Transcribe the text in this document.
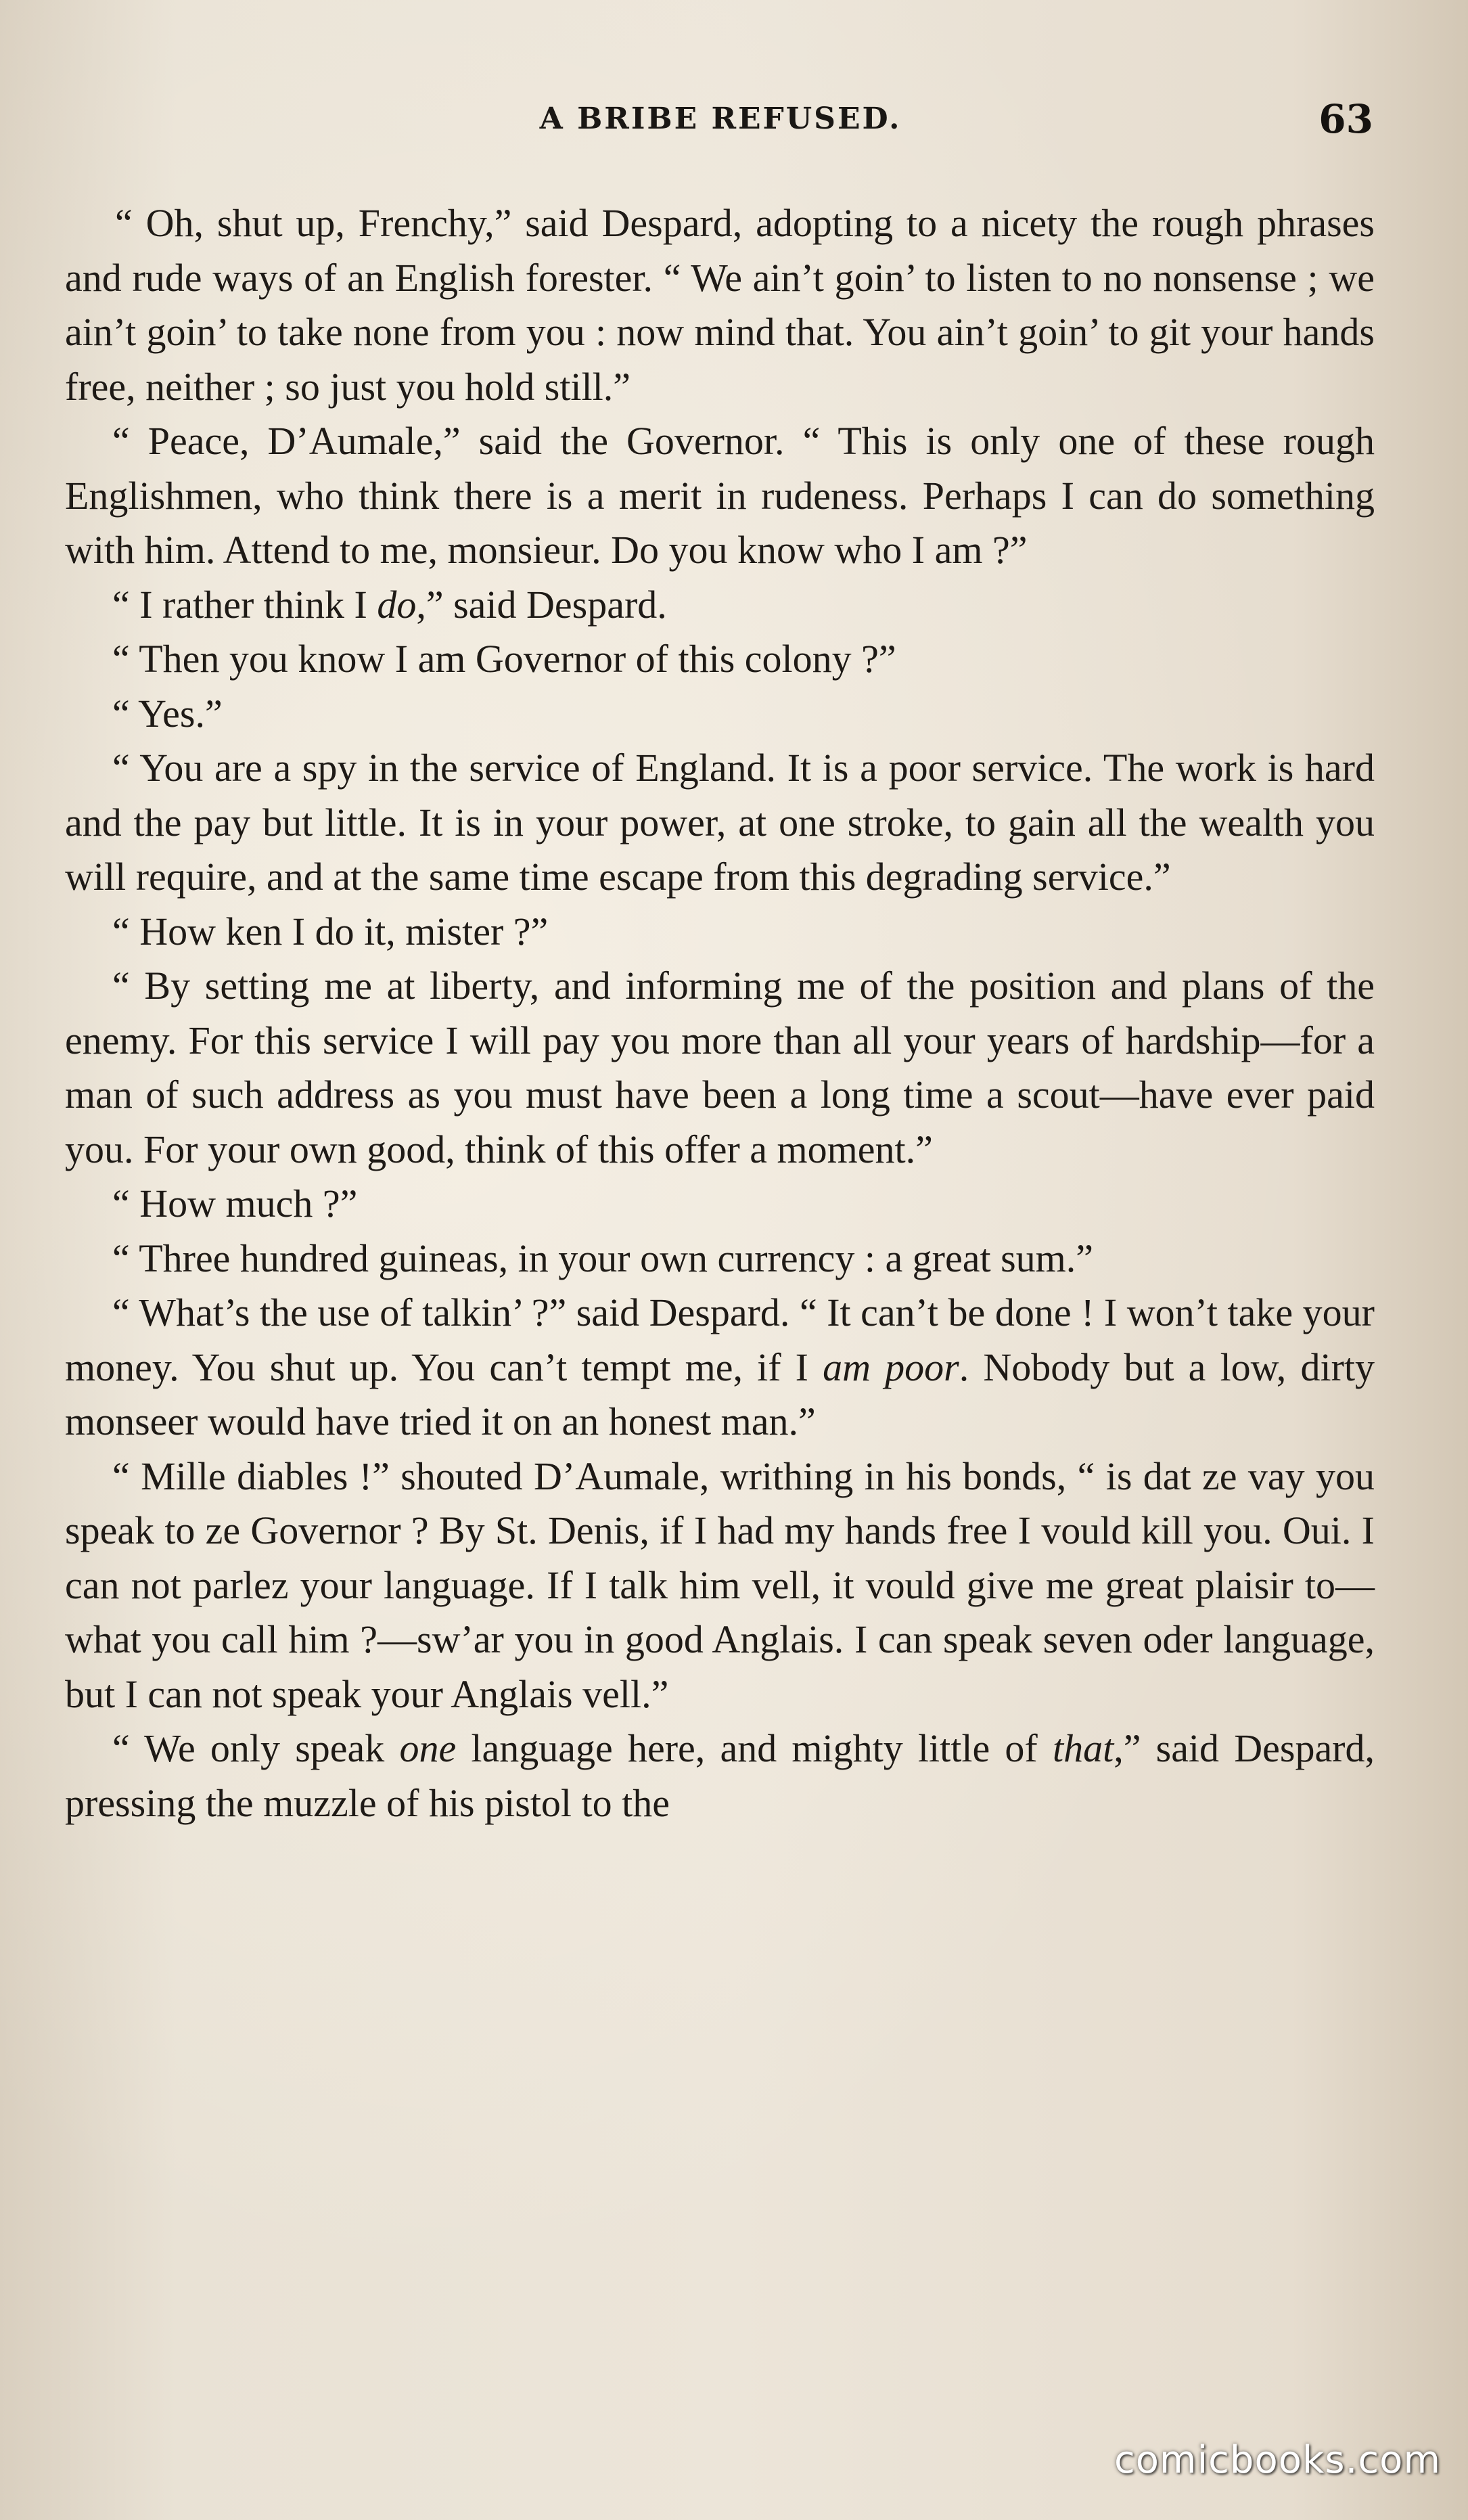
A BRIBE REFUSED.	63

“ Oh, shut up, Frenchy,” said Despard, adopting to a nicety the rough phrases and rude ways of an English forester. “ We ain’t goin’ to listen to no nonsense ; we ain’t goin’ to take none from you : now mind that. You ain’t goin’ to git your hands free, neither ; so just you hold still.”

“ Peace, D’Aumale,” said the Governor. “ This is only one of these rough Englishmen, who think there is a merit in rudeness. Perhaps I can do something with him. Attend to me, monsieur. Do you know who I am ?”

“ I rather think I do,” said Despard.

“ Then you know I am Governor of this colony ?”

“ Yes.”

“ You are a spy in the service of England. It is a poor service. The work is hard and the pay but little. It is in your power, at one stroke, to gain all the wealth you will require, and at the same time escape from this degrading service.”

“ How ken I do it, mister ?”

“ By setting me at liberty, and informing me of the position and plans of the enemy. For this service I will pay you more than all your years of hardship—for a man of such address as you must have been a long time a scout—have ever paid you. For your own good, think of this offer a moment.”

“ How much ?”

“ Three hundred guineas, in your own currency : a great sum.”

“ What’s the use of talkin’ ?” said Despard. “ It can’t be done ! I won’t take your money. You shut up. You can’t tempt me, if I am poor. Nobody but a low, dirty monseer would have tried it on an honest man.”

“ Mille diables !” shouted D’Aumale, writhing in his bonds, “ is dat ze vay you speak to ze Governor ? By St. Denis, if I had my hands free I vould kill you. Oui. I can not parlez your language. If I talk him vell, it vould give me great plaisir to—what you call him ?—sw’ar you in good Anglais. I can speak seven oder language, but I can not speak your Anglais vell.”

“ We only speak one language here, and mighty little of that,” said Despard, pressing the muzzle of his pistol to the

comicbooks.com
